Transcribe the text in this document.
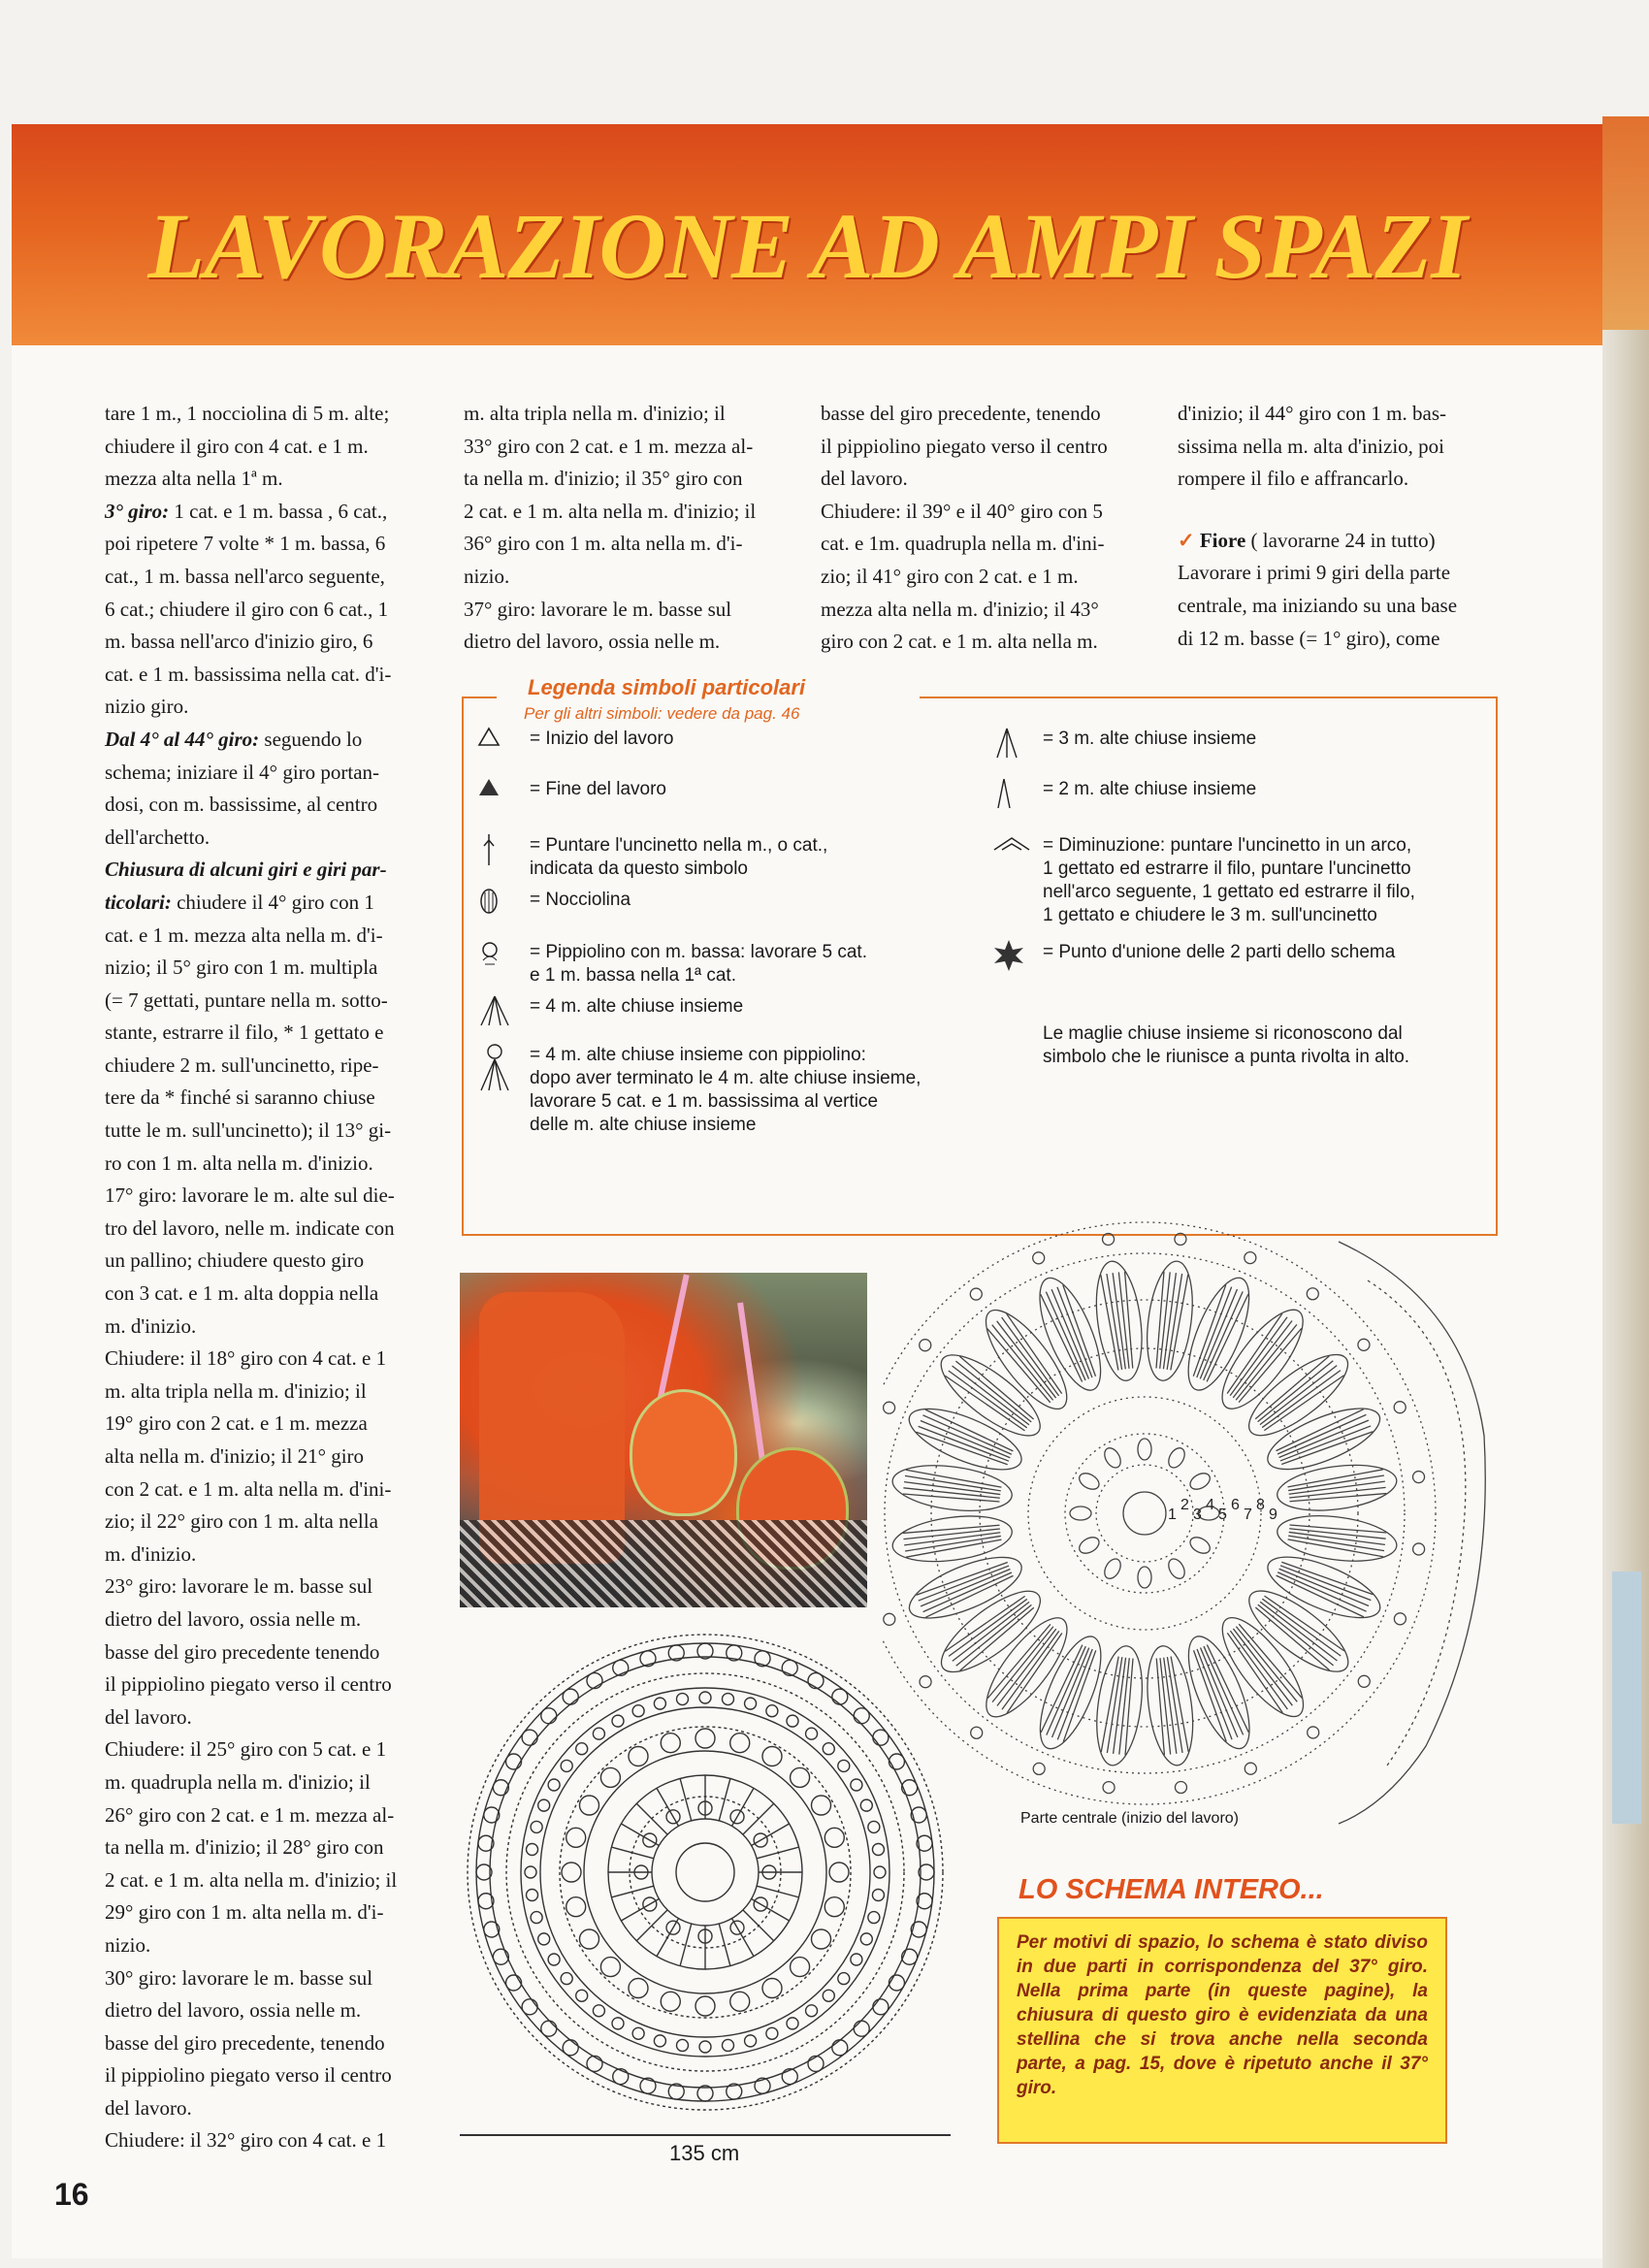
LAVORAZIONE AD AMPI SPAZI

tare 1 m., 1 nocciolina di 5 m. alte;

chiudere il giro con 4 cat. e 1 m.

mezza alta nella 1ª m.

3° giro: 1 cat. e 1 m. bassa , 6 cat.,

poi ripetere 7 volte * 1 m. bassa, 6

cat., 1 m. bassa nell'arco seguente,

6 cat.; chiudere il giro con 6 cat., 1

m. bassa nell'arco d'inizio giro, 6

cat. e 1 m. bassissima nella cat. d'i-

nizio giro.

Dal 4° al 44° giro: seguendo lo

schema; iniziare il 4° giro portan-

dosi, con m. bassissime, al centro

dell'archetto.

Chiusura di alcuni giri e giri par-

ticolari: chiudere il 4° giro con 1

cat. e 1 m. mezza alta nella m. d'i-

nizio; il 5° giro con 1 m. multipla

(= 7 gettati, puntare nella m. sotto-

stante, estrarre il filo, * 1 gettato e

chiudere 2 m. sull'uncinetto, ripe-

tere da * finché si saranno chiuse

tutte le m. sull'uncinetto); il 13° gi-

ro con 1 m. alta nella m. d'inizio.

17° giro: lavorare le m. alte sul die-

tro del lavoro, nelle m. indicate con

un pallino; chiudere questo giro

con 3 cat. e 1 m. alta doppia nella

m. d'inizio.

Chiudere: il 18° giro con 4 cat. e 1

m. alta tripla nella m. d'inizio; il

19° giro con 2 cat. e 1 m. mezza

alta nella m. d'inizio; il 21° giro

con 2 cat. e 1 m. alta nella m. d'ini-

zio; il 22° giro con 1 m. alta nella

m. d'inizio.

23° giro: lavorare le m. basse sul

dietro del lavoro, ossia nelle m.

basse del giro precedente tenendo

il pippiolino piegato verso il centro

del lavoro.

Chiudere: il 25° giro con 5 cat. e 1

m. quadrupla nella m. d'inizio; il

26° giro con 2 cat. e 1 m. mezza al-

ta nella m. d'inizio; il 28° giro con

2 cat. e 1 m. alta nella m. d'inizio; il

29° giro con 1 m. alta nella m. d'i-

nizio.

30° giro: lavorare le m. basse sul

dietro del lavoro, ossia nelle m.

basse del giro precedente, tenendo

il pippiolino piegato verso il centro

del lavoro.

Chiudere: il 32° giro con 4 cat. e 1

m. alta tripla nella m. d'inizio; il

33° giro con 2 cat. e 1 m. mezza al-

ta nella m. d'inizio; il 35° giro con

2 cat. e 1 m. alta nella m. d'inizio; il

36° giro con 1 m. alta nella m. d'i-

nizio.

37° giro: lavorare le m. basse sul

dietro del lavoro, ossia nelle m.

basse del giro precedente, tenendo

il pippiolino piegato verso il centro

del lavoro.

Chiudere: il 39° e il 40° giro con 5

cat. e 1m. quadrupla nella m. d'ini-

zio; il 41° giro con 2 cat. e 1 m.

mezza alta nella m. d'inizio; il 43°

giro con 2 cat. e 1 m. alta nella m.

d'inizio; il 44° giro con 1 m. bas-

sissima nella m. alta d'inizio, poi

rompere il filo e affrancarlo.

✓ Fiore ( lavorarne 24 in tutto)

Lavorare i primi 9 giri della parte

centrale, ma iniziando su una base

di 12 m. basse (= 1° giro), come

Legenda simboli particolari
Per gli altri simboli: vedere da pag. 46
= Inizio del lavoro
= Fine del lavoro
= Puntare l'uncinetto nella m., o cat.,
indicata da questo simbolo
= Nocciolina
= Pippiolino con m. bassa: lavorare 5 cat.
e 1 m. bassa nella 1ª cat.
= 4 m. alte chiuse insieme
= 4 m. alte chiuse insieme con pippiolino:
dopo aver terminato le 4 m. alte chiuse insieme,
lavorare 5 cat. e 1 m. bassissima al vertice
delle m. alte chiuse insieme
= 3 m. alte chiuse insieme
= 2 m. alte chiuse insieme
= Diminuzione: puntare l'uncinetto in un arco,
1 gettato ed estrarre il filo, puntare l'uncinetto
nell'arco seguente, 1 gettato ed estrarre il filo,
1 gettato e chiudere le 3 m. sull'uncinetto
= Punto d'unione delle 2 parti dello schema
Le maglie chiuse insieme si riconoscono dal
simbolo che le riunisce a punta rivolta in alto.
135 cm
1
2
3
4
5
6
7
8
9
Parte centrale (inizio del lavoro)
LO SCHEMA INTERO...
Per motivi di spazio, lo schema è stato diviso in due parti in corrispondenza del 37° giro. Nella prima parte (in queste pagine), la chiusura di questo giro è evidenziata da una stellina che si trova anche nella seconda parte, a pag. 15, dove è ripetuto anche il 37° giro.
16
